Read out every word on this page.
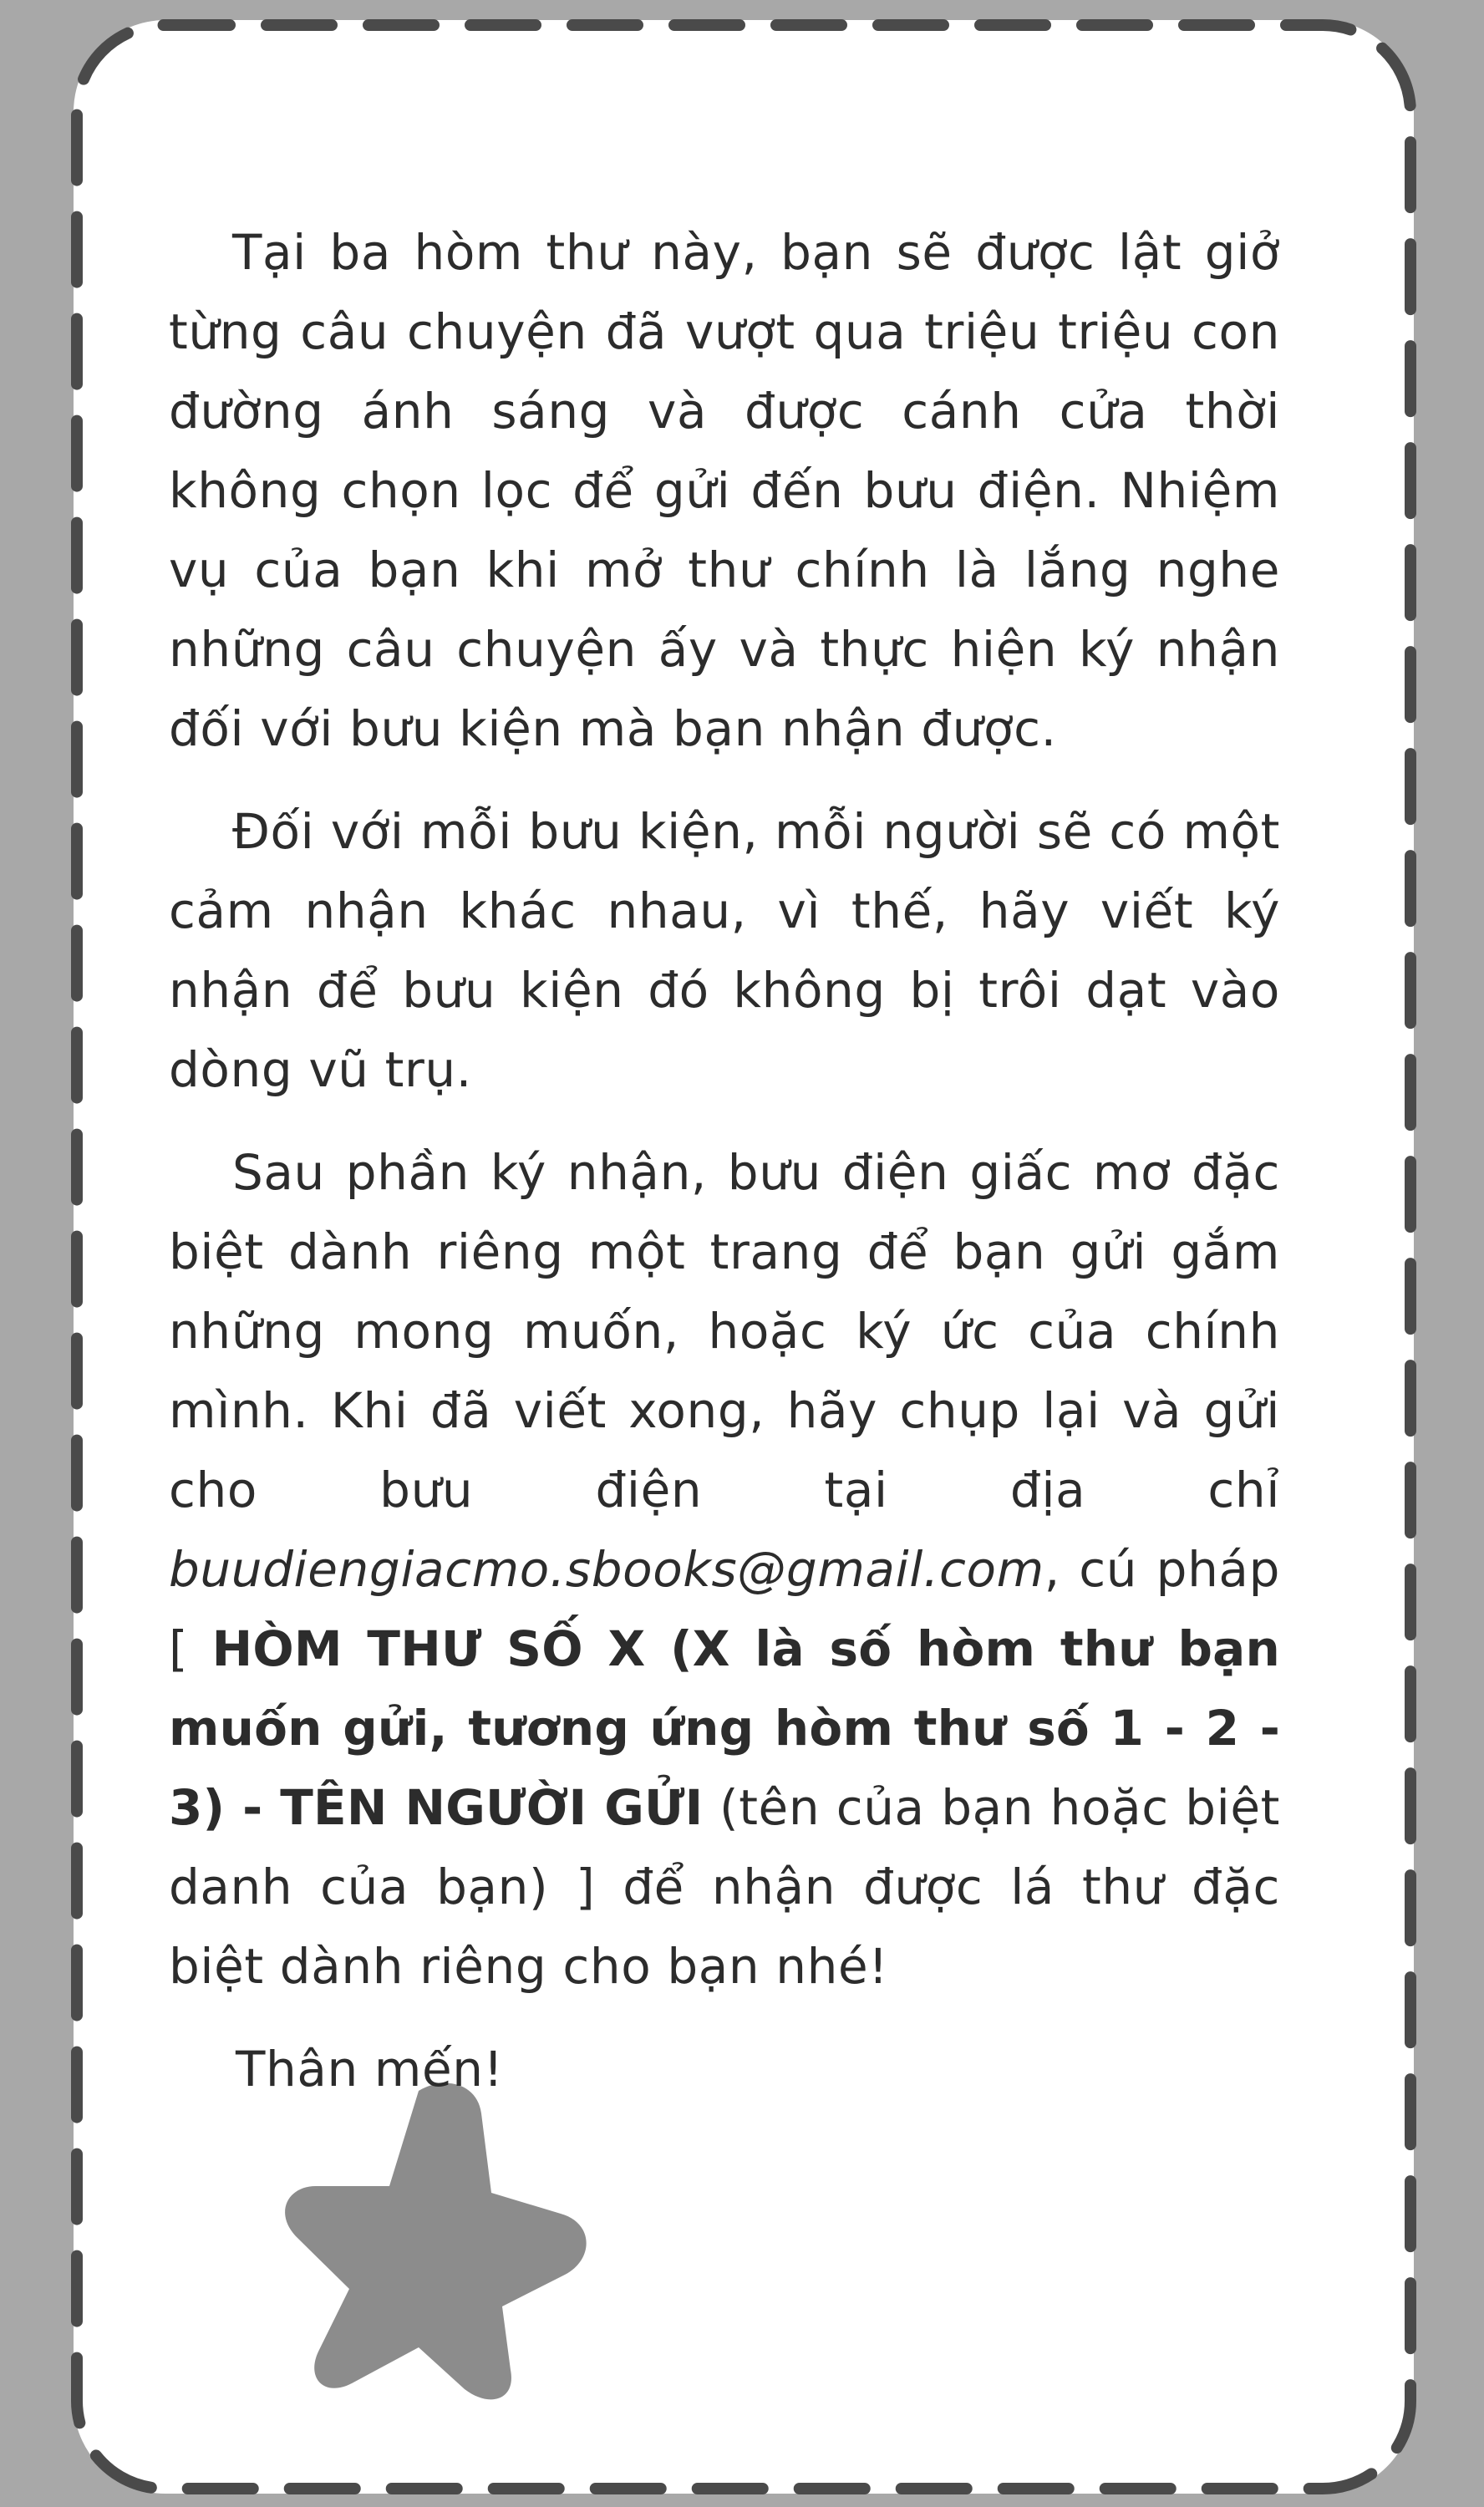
Tại ba hòm thư này, bạn sẽ được lật giở từng câu chuyện đã vượt qua triệu triệu con đường ánh sáng và được cánh cửa thời không chọn lọc để gửi đến bưu điện. Nhiệm vụ của bạn khi mở thư chính là lắng nghe những câu chuyện ấy và thực hiện ký nhận đối với bưu kiện mà bạn nhận được.

Đối với mỗi bưu kiện, mỗi người sẽ có một cảm nhận khác nhau, vì thế, hãy viết ký nhận để bưu kiện đó không bị trôi dạt vào dòng vũ trụ.

Sau phần ký nhận, bưu điện giấc mơ đặc biệt dành riêng một trang để bạn gửi gắm những mong muốn, hoặc ký ức của chính mình. Khi đã viết xong, hãy chụp lại và gửi cho bưu điện tại địa chỉ buudiengiacmo.sbooks@gmail.com, cú pháp [ HÒM THƯ SỐ X (X là số hòm thư bạn muốn gửi, tương ứng hòm thư số 1 - 2 - 3) - TÊN NGƯỜI GỬI (tên của bạn hoặc biệt danh của bạn) ] để nhận được lá thư đặc biệt dành riêng cho bạn nhé!

Thân mến!
